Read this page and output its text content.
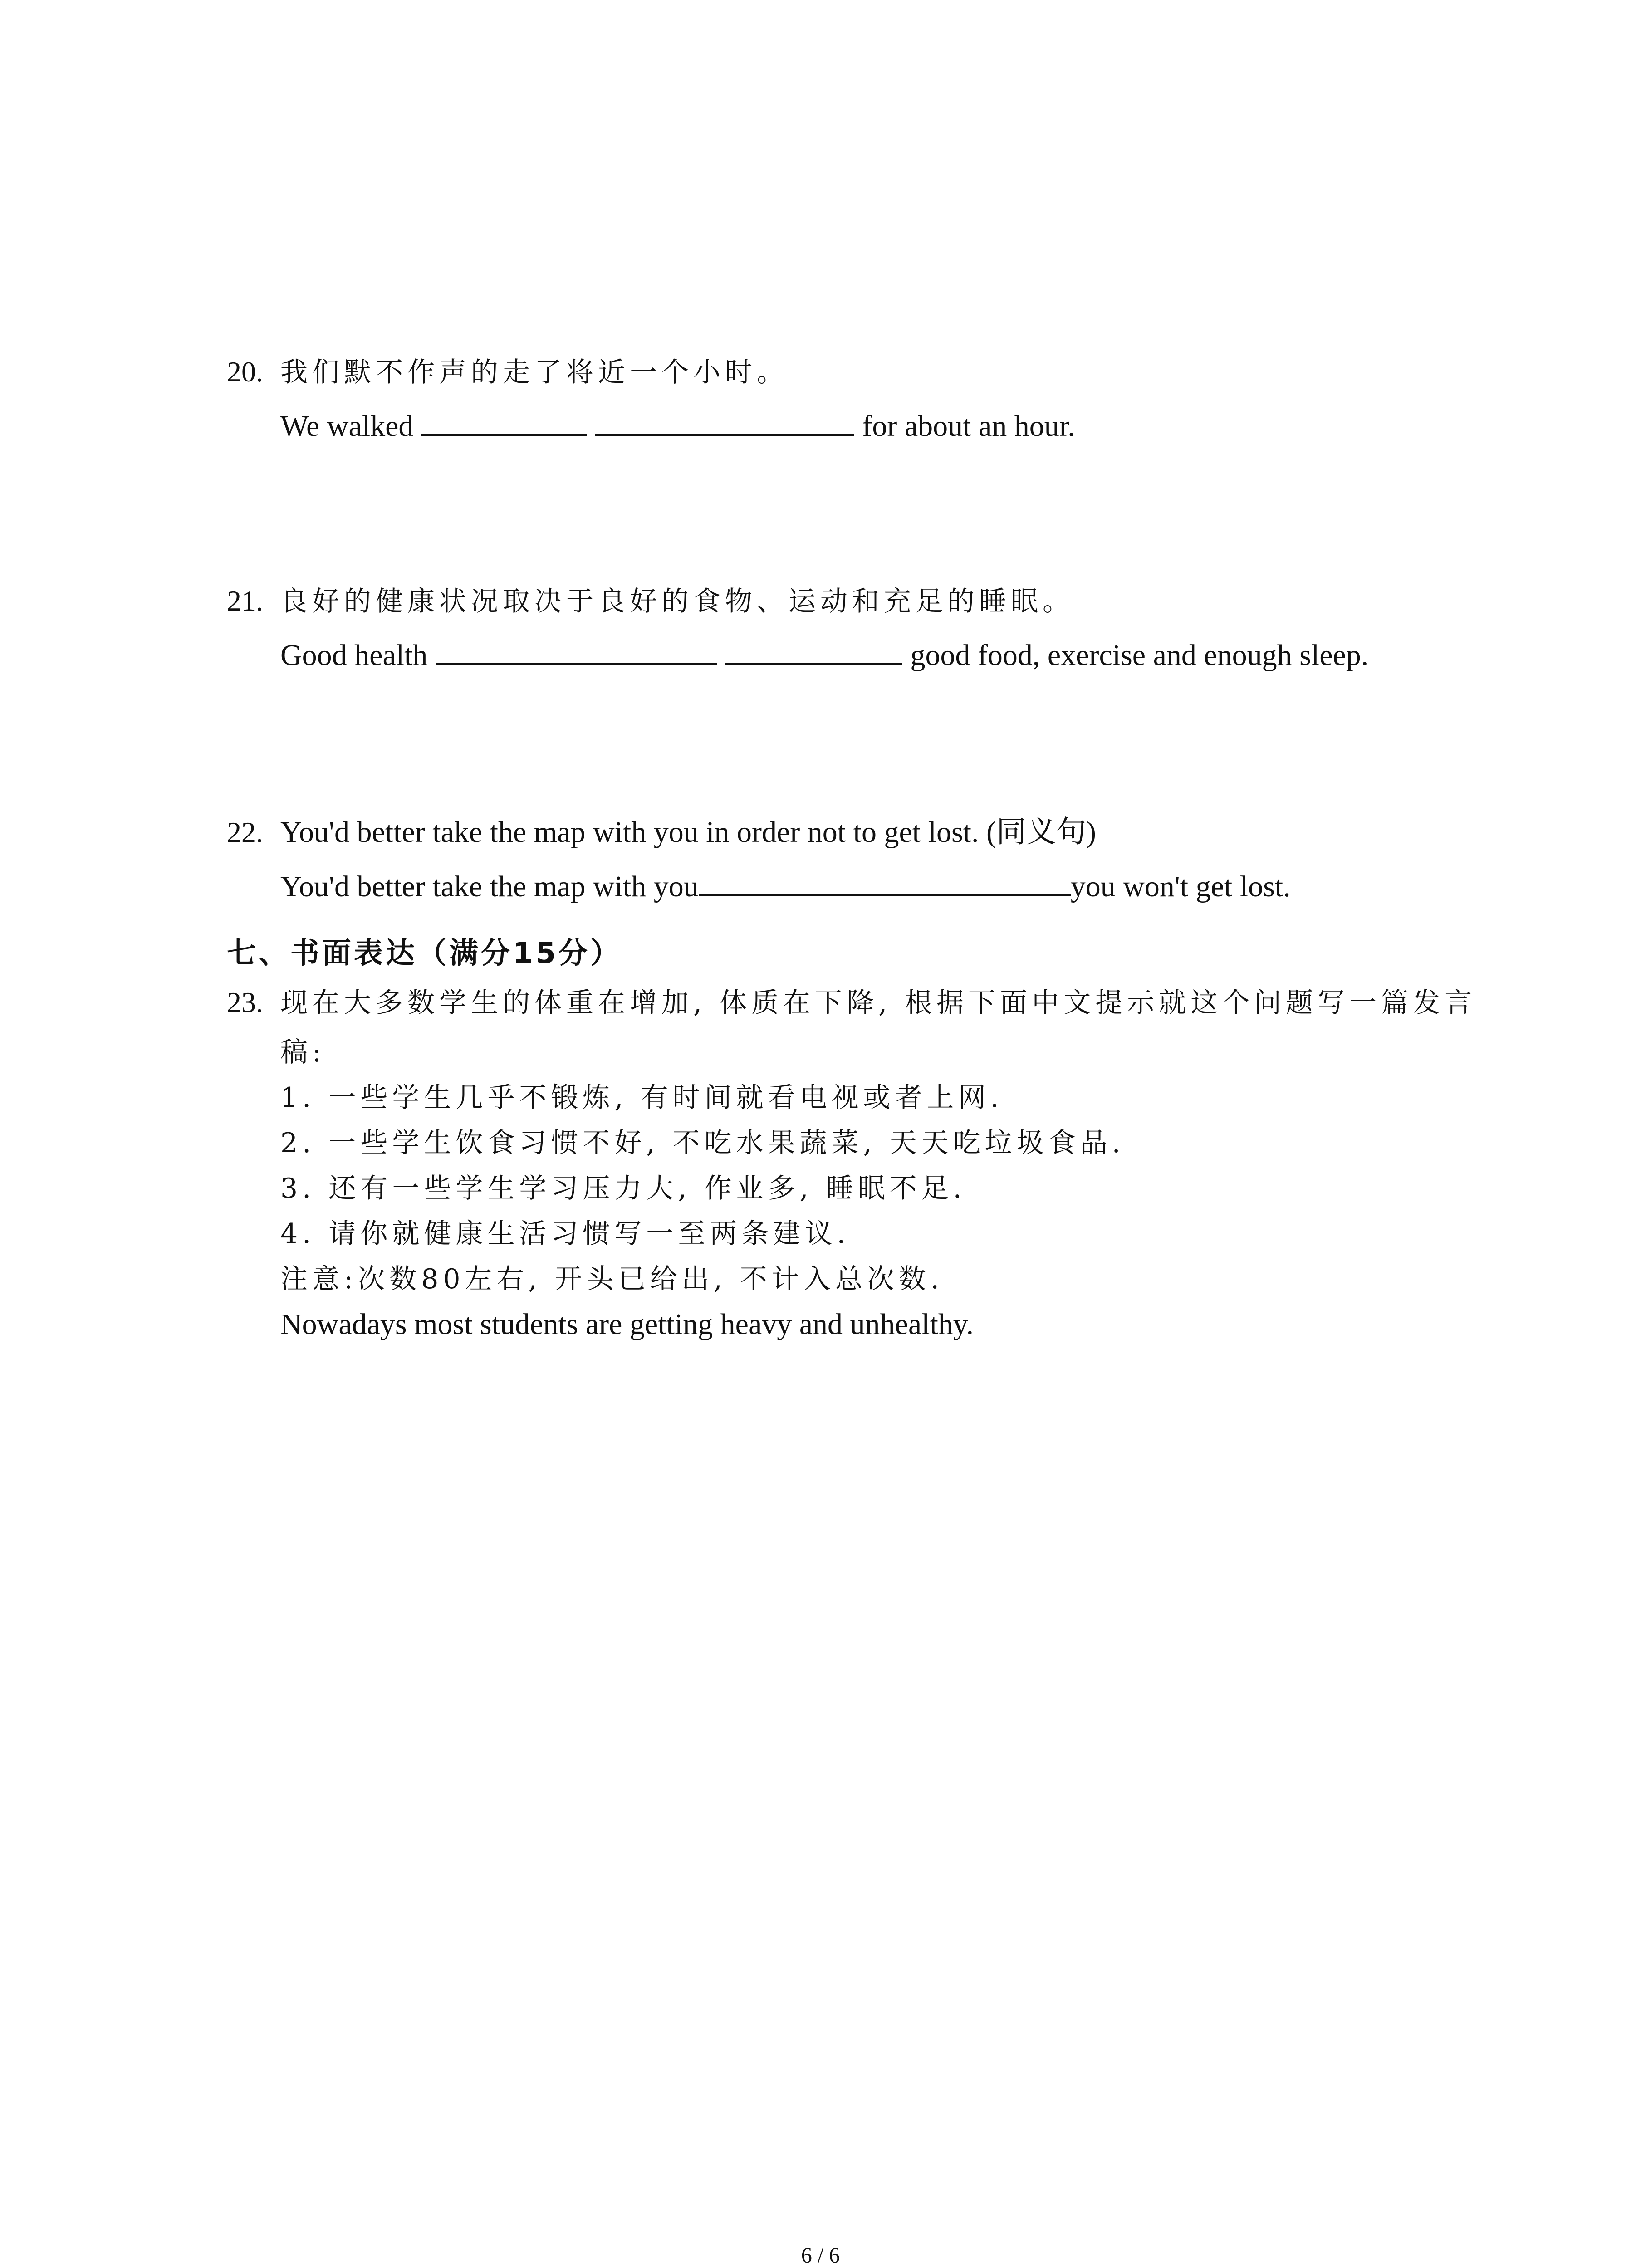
20. 我们默不作声的走了将近一个小时。
We walked	for about an hour.
21. 良好的健康状况取决于良好的食物、运动和充足的睡眠。
Good health	good food, exercise and enough sleep.
22. You'd better take the map with you in order not to get lost. (同义句)
You'd better take the map with you	you won't get lost.
七、书面表达（满分15分）
23. 现在大多数学生的体重在增加, 体质在下降, 根据下面中文提示就这个问题写一篇发言
稿:
1. 一些学生几乎不锻炼, 有时间就看电视或者上网.
2. 一些学生饮食习惯不好, 不吃水果蔬菜, 天天吃垃圾食品.
3. 还有一些学生学习压力大, 作业多, 睡眠不足.
4. 请你就健康生活习惯写一至两条建议.
注意:次数80左右, 开头已给出, 不计入总次数.
Nowadays most students are getting heavy and unhealthy.
6 / 6
